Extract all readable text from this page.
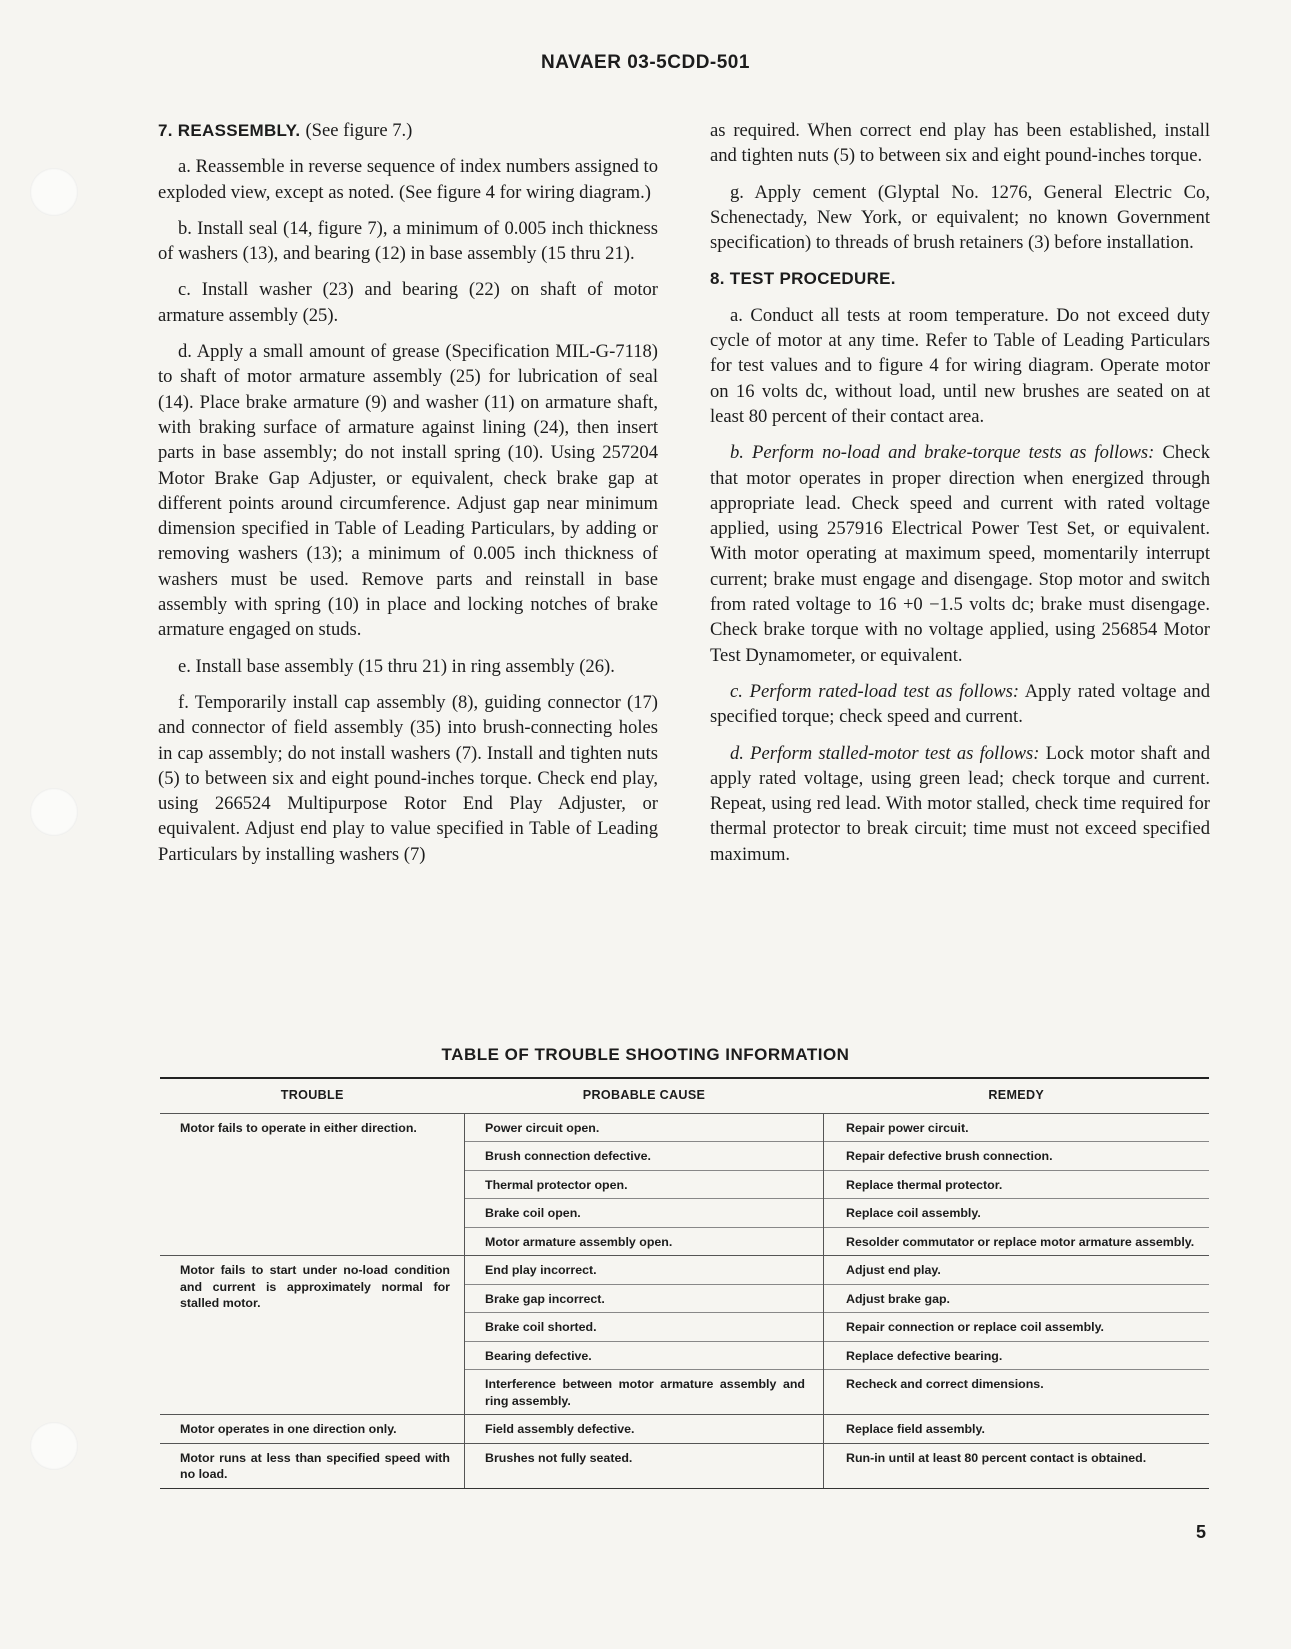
NAVAER 03-5CDD-501
7. REASSEMBLY. (See figure 7.)

a. Reassemble in reverse sequence of index numbers assigned to exploded view, except as noted. (See figure 4 for wiring diagram.)

b. Install seal (14, figure 7), a minimum of 0.005 inch thickness of washers (13), and bearing (12) in base assembly (15 thru 21).

c. Install washer (23) and bearing (22) on shaft of motor armature assembly (25).

d. Apply a small amount of grease (Specification MIL-G-7118) to shaft of motor armature assembly (25) for lubrication of seal (14). Place brake armature (9) and washer (11) on armature shaft, with braking surface of armature against lining (24), then insert parts in base assembly; do not install spring (10). Using 257204 Motor Brake Gap Adjuster, or equivalent, check brake gap at different points around circumference. Adjust gap near minimum dimension specified in Table of Leading Particulars, by adding or removing washers (13); a minimum of 0.005 inch thickness of washers must be used. Remove parts and reinstall in base assembly with spring (10) in place and locking notches of brake armature engaged on studs.

e. Install base assembly (15 thru 21) in ring assembly (26).

f. Temporarily install cap assembly (8), guiding connector (17) and connector of field assembly (35) into brush-connecting holes in cap assembly; do not install washers (7). Install and tighten nuts (5) to between six and eight pound-inches torque. Check end play, using 266524 Multipurpose Rotor End Play Adjuster, or equivalent. Adjust end play to value specified in Table of Leading Particulars by installing washers (7)

as required. When correct end play has been established, install and tighten nuts (5) to between six and eight pound-inches torque.

g. Apply cement (Glyptal No. 1276, General Electric Co, Schenectady, New York, or equivalent; no known Government specification) to threads of brush retainers (3) before installation.

8. TEST PROCEDURE.

a. Conduct all tests at room temperature. Do not exceed duty cycle of motor at any time. Refer to Table of Leading Particulars for test values and to figure 4 for wiring diagram. Operate motor on 16 volts dc, without load, until new brushes are seated on at least 80 percent of their contact area.

b. Perform no-load and brake-torque tests as follows: Check that motor operates in proper direction when energized through appropriate lead. Check speed and current with rated voltage applied, using 257916 Electrical Power Test Set, or equivalent. With motor operating at maximum speed, momentarily interrupt current; brake must engage and disengage. Stop motor and switch from rated voltage to 16 +0 −1.5 volts dc; brake must disengage. Check brake torque with no voltage applied, using 256854 Motor Test Dynamometer, or equivalent.

c. Perform rated-load test as follows: Apply rated voltage and specified torque; check speed and current.

d. Perform stalled-motor test as follows: Lock motor shaft and apply rated voltage, using green lead; check torque and current. Repeat, using red lead. With motor stalled, check time required for thermal protector to break circuit; time must not exceed specified maximum.

TABLE OF TROUBLE SHOOTING INFORMATION
TROUBLE	PROBABLE CAUSE	REMEDY
Motor fails to operate in either direction.	Power circuit open.	Repair power circuit.
	Brush connection defective.	Repair defective brush connection.
	Thermal protector open.	Replace thermal protector.
	Brake coil open.	Replace coil assembly.
	Motor armature assembly open.	Resolder commutator or replace motor armature assembly.
Motor fails to start under no-load condition and current is approximately normal for stalled motor.	End play incorrect.	Adjust end play.
	Brake gap incorrect.	Adjust brake gap.
	Brake coil shorted.	Repair connection or replace coil assembly.
	Bearing defective.	Replace defective bearing.
	Interference between motor armature assembly and ring assembly.	Recheck and correct dimensions.
Motor operates in one direction only.	Field assembly defective.	Replace field assembly.
Motor runs at less than specified speed with no load.	Brushes not fully seated.	Run-in until at least 80 percent contact is obtained.
5
